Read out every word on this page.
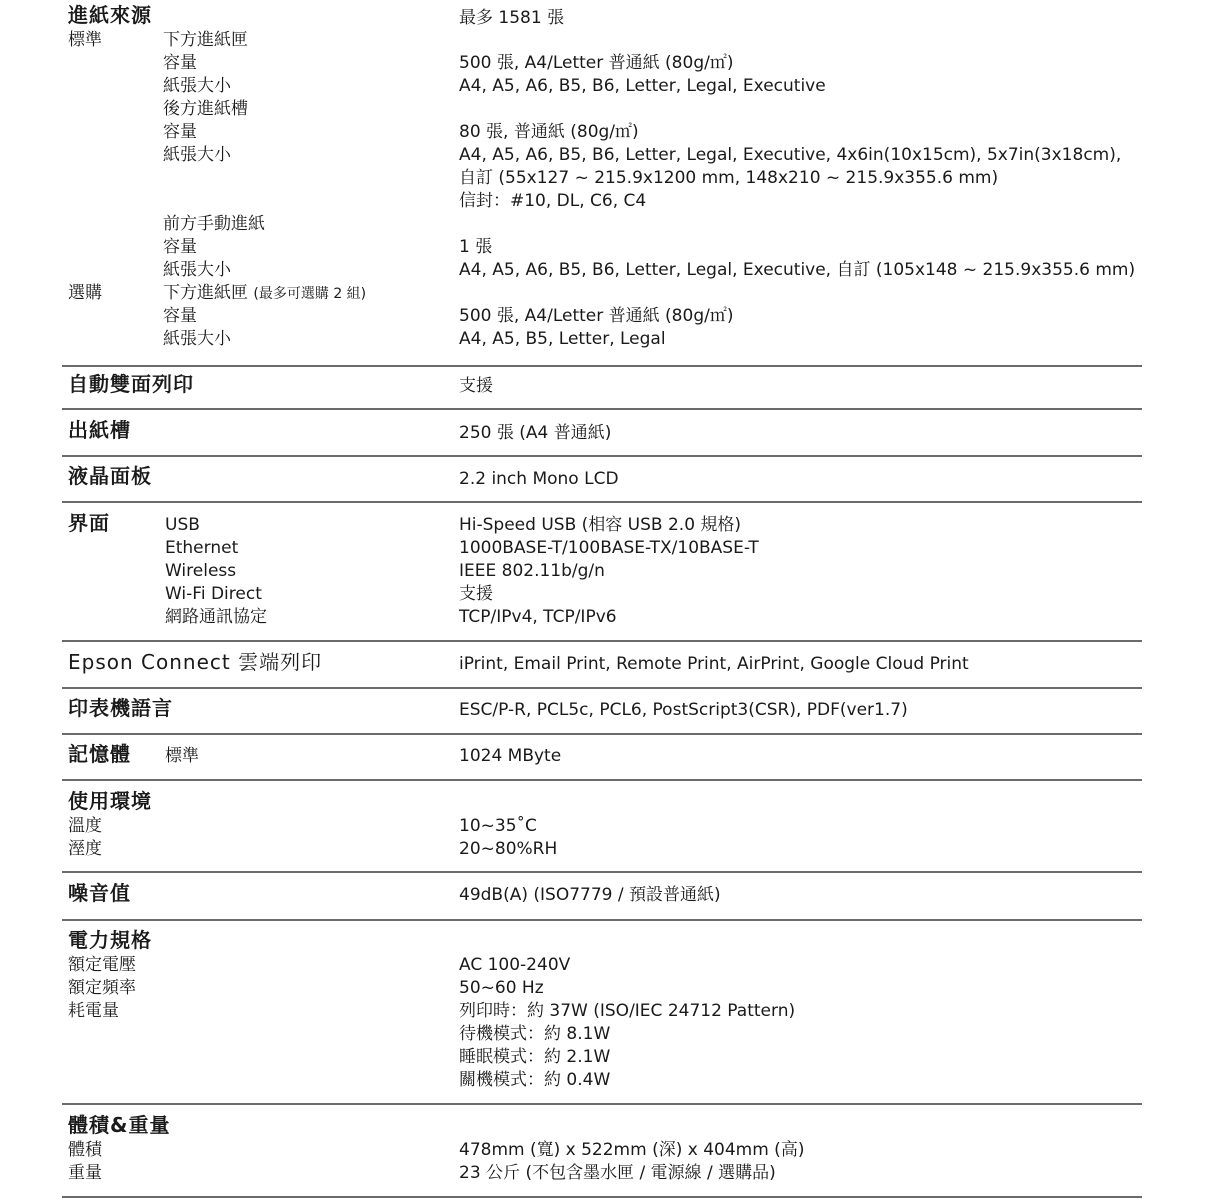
進紙來源	最多 1581 張
標準	下方進紙匣
容量	500 張, A4/Letter 普通紙 (80g/㎡)
紙張大小	A4, A5, A6, B5, B6, Letter, Legal, Executive
後方進紙槽
容量	80 張, 普通紙 (80g/㎡)
紙張大小	A4, A5, A6, B5, B6, Letter, Legal, Executive, 4x6in(10x15cm), 5x7in(3x18cm),
自訂 (55x127 ~ 215.9x1200 mm, 148x210 ~ 215.9x355.6 mm)
信封：#10, DL, C6, C4
前方手動進紙
容量	1 張
紙張大小	A4, A5, A6, B5, B6, Letter, Legal, Executive, 自訂 (105x148 ~ 215.9x355.6 mm)
選購	下方進紙匣 (最多可選購 2 組)
容量	500 張, A4/Letter 普通紙 (80g/㎡)
紙張大小	A4, A5, B5, Letter, Legal
自動雙面列印	支援
出紙槽	250 張 (A4 普通紙)
液晶面板	2.2 inch Mono LCD
界面	USB	Hi-Speed USB (相容 USB 2.0 規格)
Ethernet	1000BASE-T/100BASE-TX/10BASE-T
Wireless	IEEE 802.11b/g/n
Wi-Fi Direct	支援
網路通訊協定	TCP/IPv4, TCP/IPv6
Epson Connect 雲端列印	iPrint, Email Print, Remote Print, AirPrint, Google Cloud Print
印表機語言	ESC/P-R, PCL5c, PCL6, PostScript3(CSR), PDF(ver1.7)
記憶體 標準	1024 MByte
使用環境
溫度	10~35˚C
溼度	20~80%RH
噪音值	49dB(A) (ISO7779 / 預設普通紙)
電力規格
額定電壓	AC 100-240V
額定頻率	50~60 Hz
耗電量	列印時：約 37W (ISO/IEC 24712 Pattern)
待機模式：約 8.1W
睡眠模式：約 2.1W
關機模式：約 0.4W
體積&重量
體積	478mm (寬) x 522mm (深) x 404mm (高)
重量	23 公斤 (不包含墨水匣 / 電源線 / 選購品)
